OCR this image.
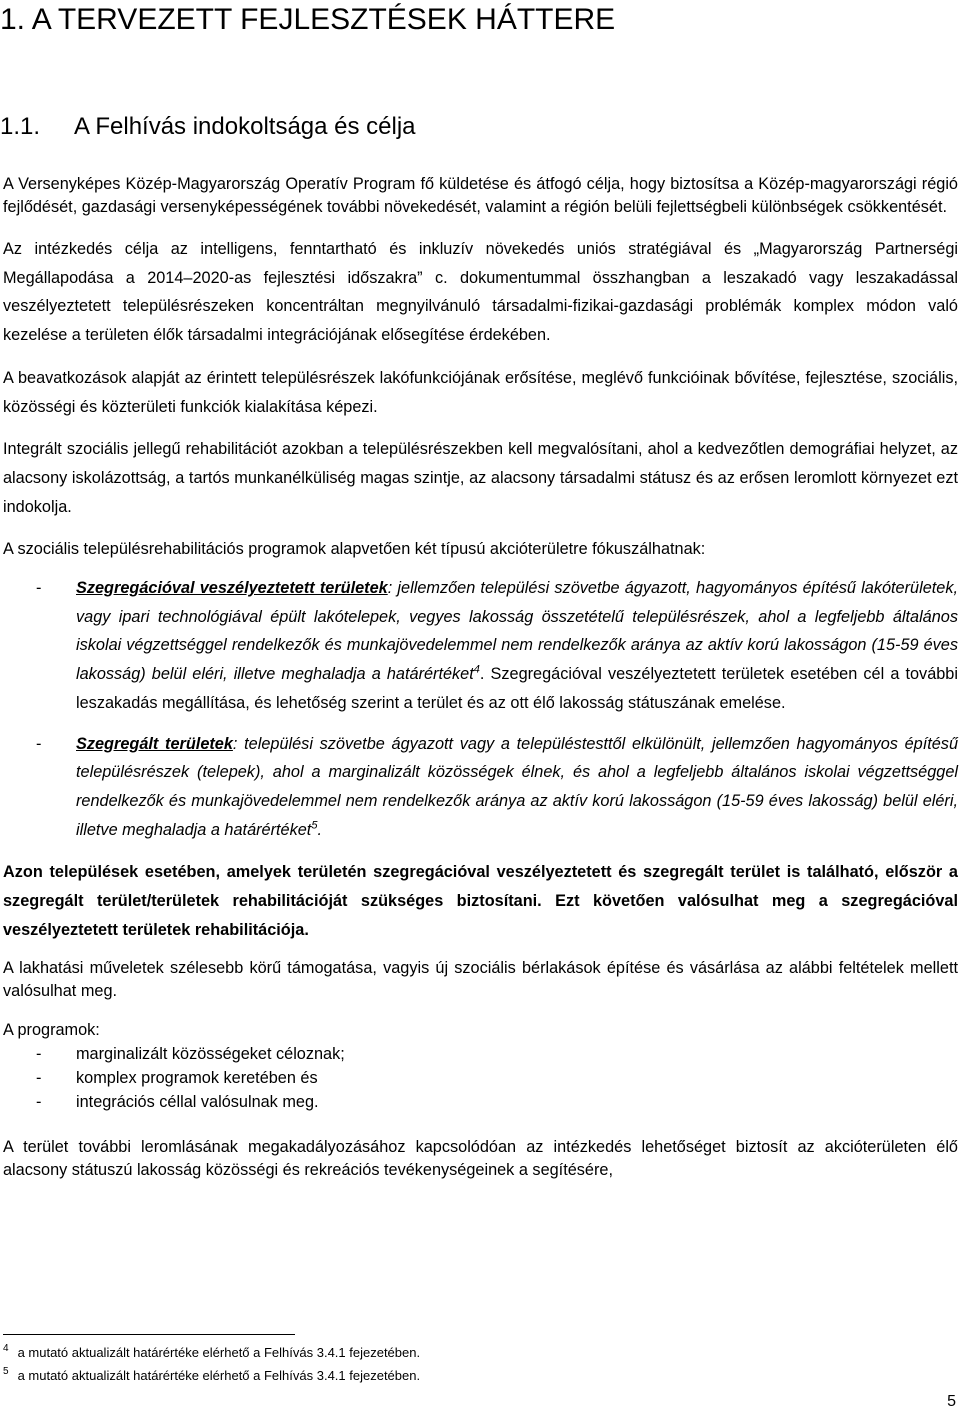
1. A TERVEZETT FEJLESZTÉSEK HÁTTERE
1.1. A Felhívás indokoltsága és célja

A Versenyképes Közép-Magyarország Operatív Program fő küldetése és átfogó célja, hogy biztosítsa a Közép-magyarországi régió fejlődését, gazdasági versenyképességének további növekedését, valamint a régión belüli fejlettségbeli különbségek csökkentését.

Az intézkedés célja az intelligens, fenntartható és inkluzív növekedés uniós stratégiával és „Magyarország Partnerségi Megállapodása a 2014–2020-as fejlesztési időszakra” c. dokumentummal összhangban a leszakadó vagy leszakadással veszélyeztetett településrészeken koncentráltan megnyilvánuló társadalmi-fizikai-gazdasági problémák komplex módon való kezelése a területen élők társadalmi integrációjának elősegítése érdekében.

A beavatkozások alapját az érintett településrészek lakófunkciójának erősítése, meglévő funkcióinak bővítése, fejlesztése, szociális, közösségi és közterületi funkciók kialakítása képezi.

Integrált szociális jellegű rehabilitációt azokban a településrészekben kell megvalósítani, ahol a kedvezőtlen demográfiai helyzet, az alacsony iskolázottság, a tartós munkanélküliség magas szintje, az alacsony társadalmi státusz és az erősen leromlott környezet ezt indokolja.

A szociális településrehabilitációs programok alapvetően két típusú akcióterületre fókuszálhatnak:

- Szegregációval veszélyeztetett területek: jellemzően települési szövetbe ágyazott, hagyományos építésű lakóterületek, vagy ipari technológiával épült lakótelepek, vegyes lakosság összetételű településrészek, ahol a legfeljebb általános iskolai végzettséggel rendelkezők és munkajövedelemmel nem rendelkezők aránya az aktív korú lakosságon (15-59 éves lakosság) belül eléri, illetve meghaladja a határértéket$^4$. Szegregációval veszélyeztetett területek esetében cél a további leszakadás megállítása, és lehetőség szerint a terület és az ott élő lakosság státuszának emelése.
- Szegregált területek: települési szövetbe ágyazott vagy a településtesttől elkülönült, jellemzően hagyományos építésű településrészek (telepek), ahol a marginalizált közösségek élnek, és ahol a legfeljebb általános iskolai végzettséggel rendelkezők és munkajövedelemmel nem rendelkezők aránya az aktív korú lakosságon (15-59 éves lakosság) belül eléri, illetve meghaladja a határértéket$^5$.

Azon települések esetében, amelyek területén szegregációval veszélyeztetett és szegregált terület is található, először a szegregált terület/területek rehabilitációját szükséges biztosítani. Ezt követően valósulhat meg a szegregációval veszélyeztetett területek rehabilitációja.

A lakhatási műveletek szélesebb körű támogatása, vagyis új szociális bérlakások építése és vásárlása az alábbi feltételek mellett valósulhat meg.

A programok:
- marginalizált közösségeket céloznak;
- komplex programok keretében és
- integrációs céllal valósulnak meg.

A terület további leromlásának megakadályozásához kapcsolódóan az intézkedés lehetőséget biztosít az akcióterületen élő alacsony státuszú lakosság közösségi és rekreációs tevékenységeinek a segítésére,

$^4$ a mutató aktualizált határértéke elérhető a Felhívás 3.4.1 fejezetében.
$^5$ a mutató aktualizált határértéke elérhető a Felhívás 3.4.1 fejezetében.
5
